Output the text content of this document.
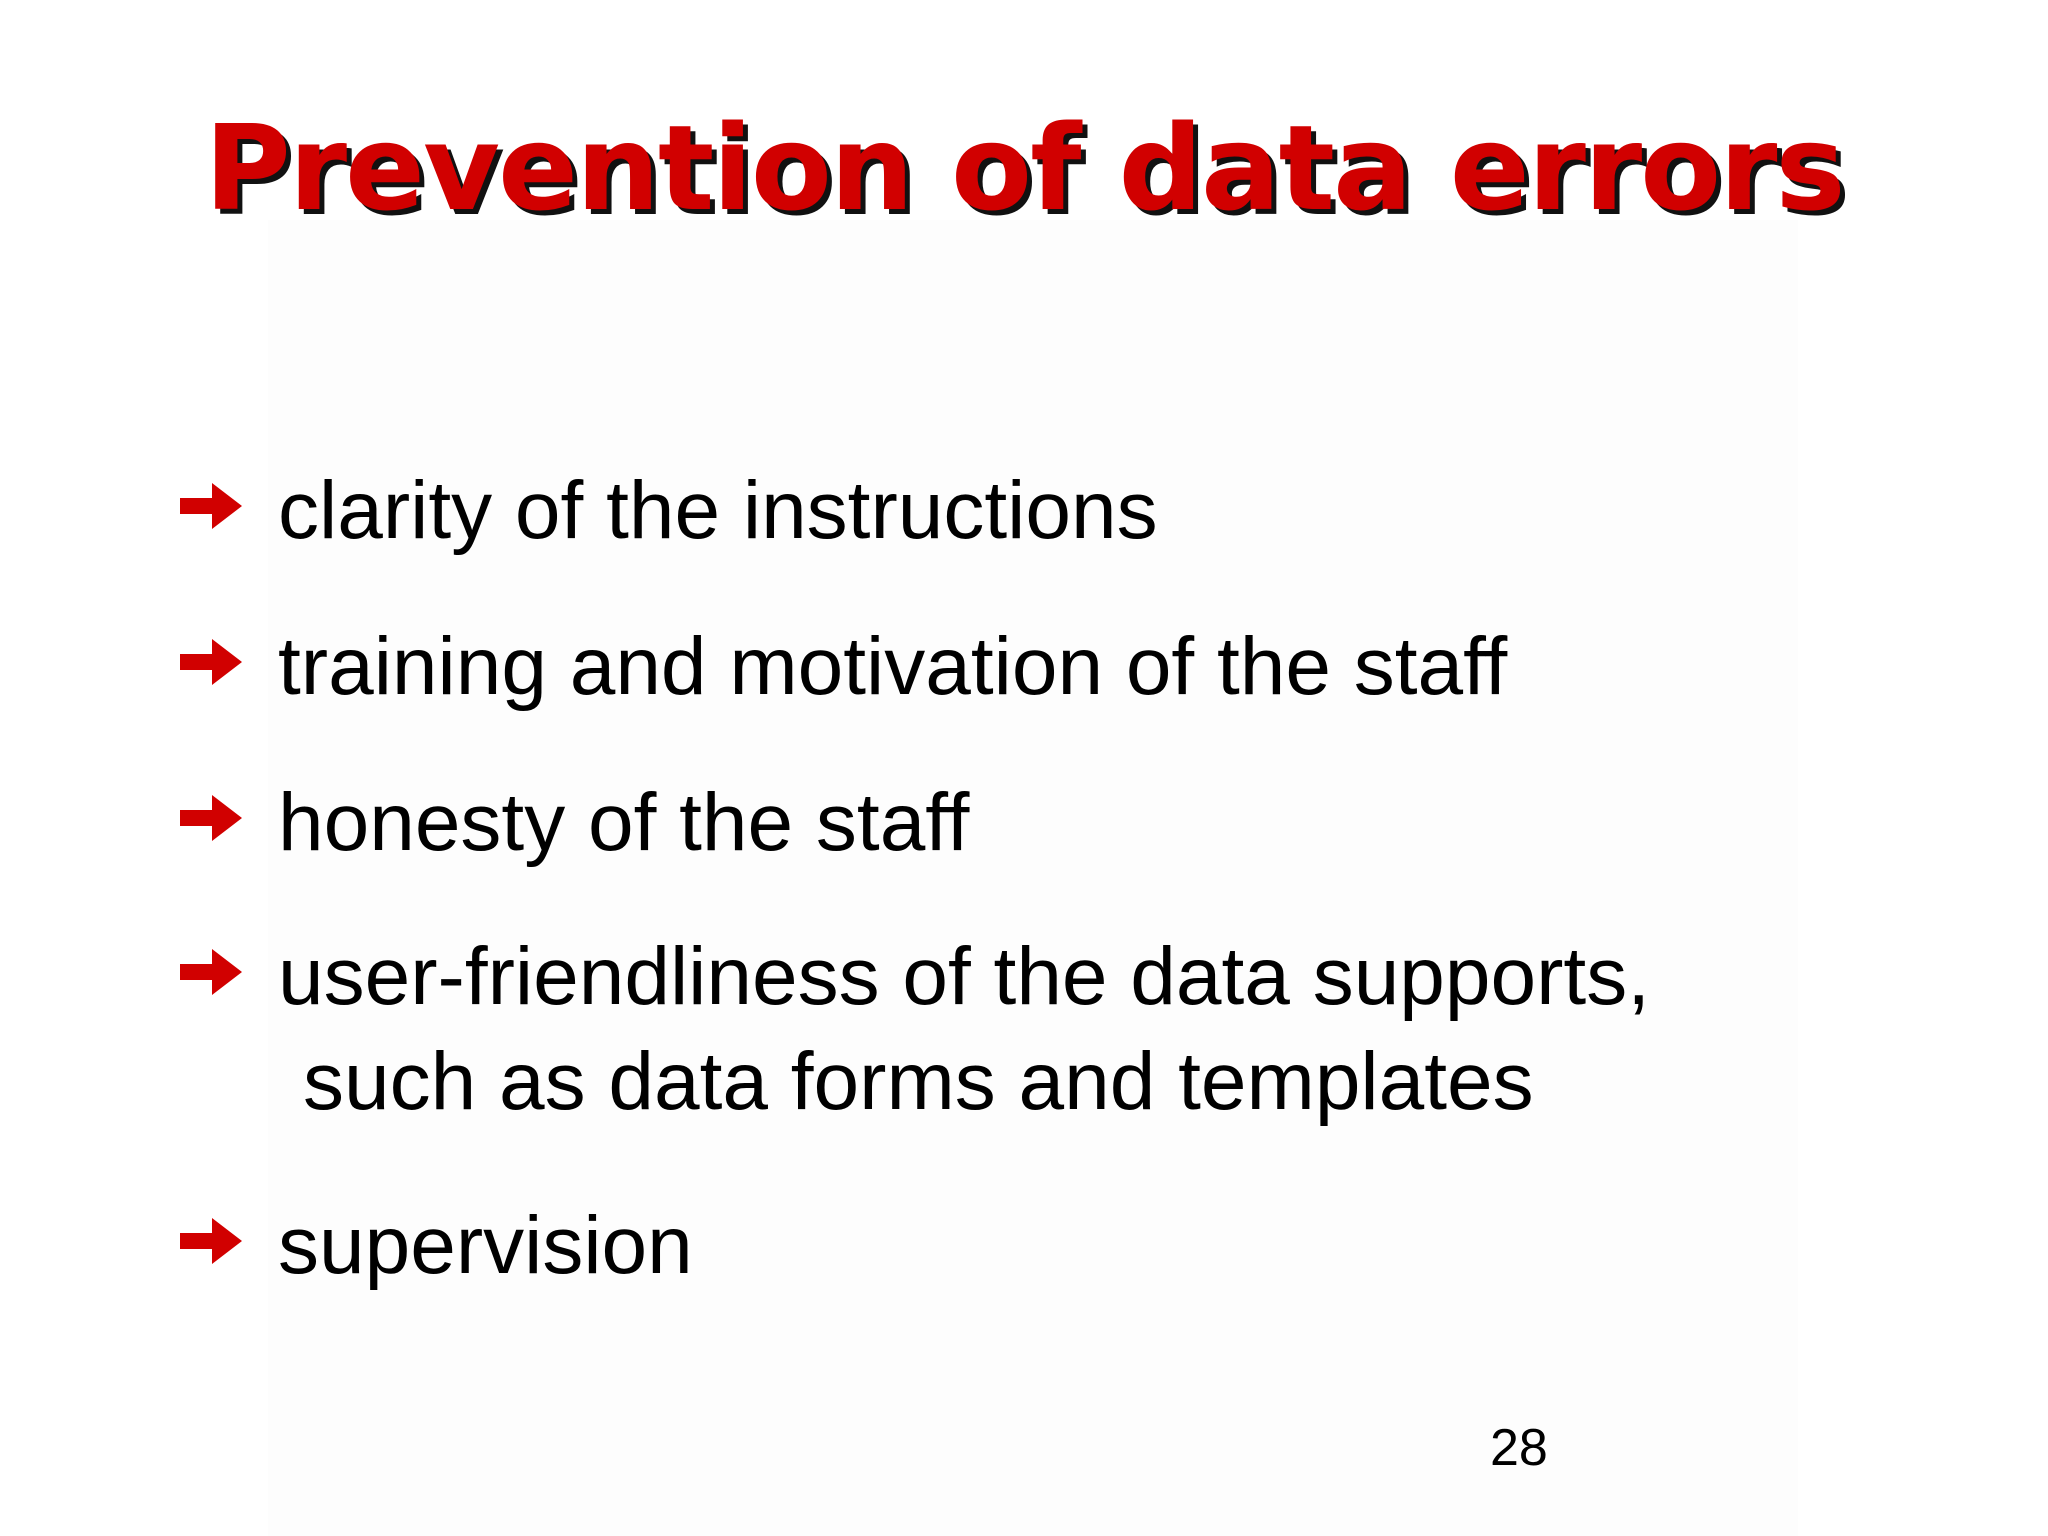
Prevention of data errors
clarity of the instructions
training and motivation of the staff
honesty of the staff
user-friendliness of the data supports,
such as data forms and templates
supervision
28
